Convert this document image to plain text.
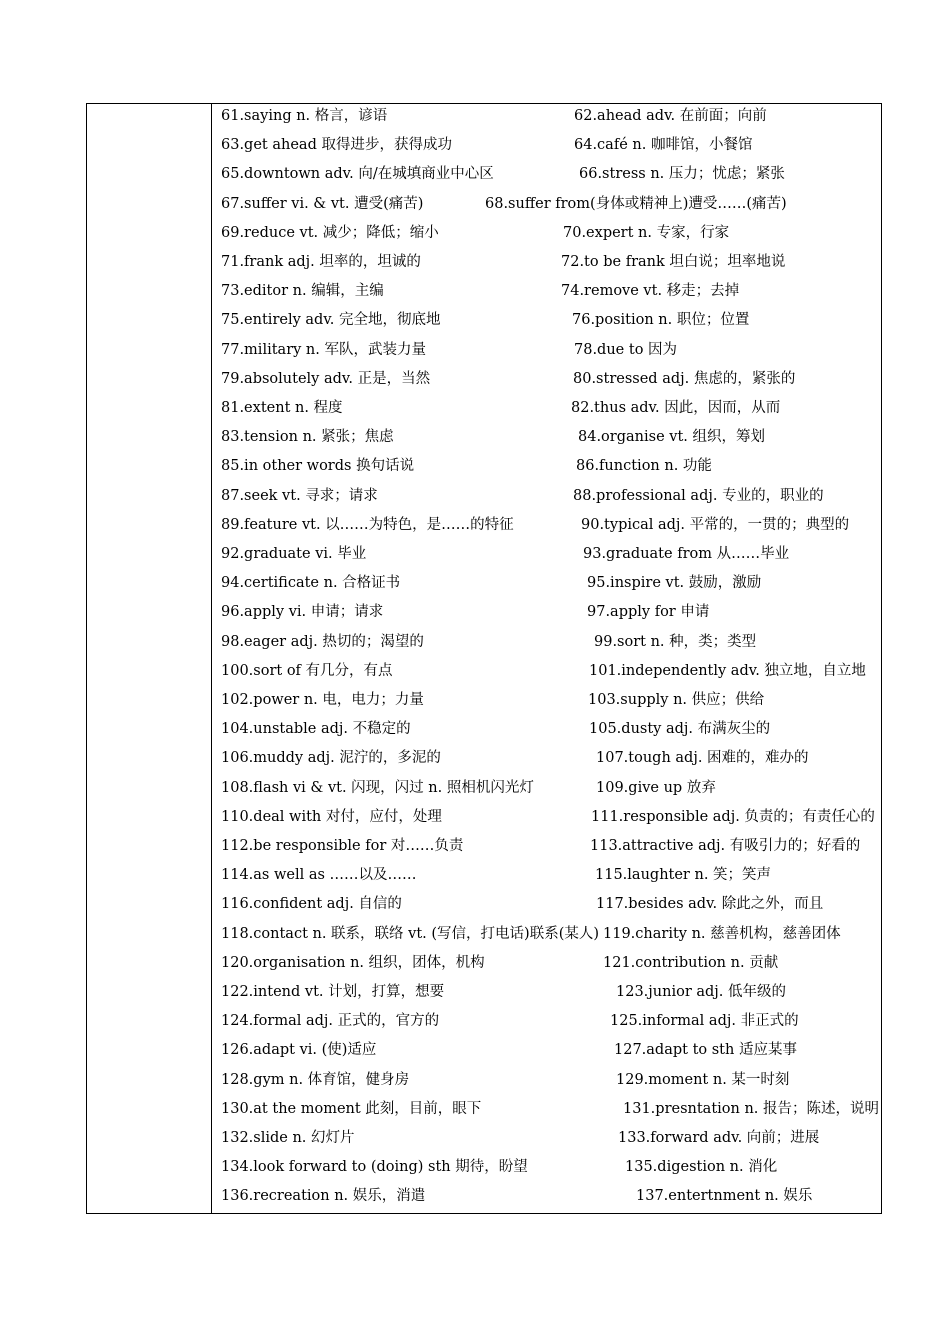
61.saying n. 格言，谚语	62.ahead adv. 在前面；向前
63.get ahead 取得进步，获得成功	64.café n. 咖啡馆，小餐馆
65.downtown adv. 向/在城填商业中心区	66.stress n. 压力；忧虑；紧张
67.suffer vi. & vt. 遭受(痛苦)	68.suffer from(身体或精神上)遭受……(痛苦)
69.reduce vt. 减少；降低；缩小	70.expert n. 专家，行家
71.frank adj. 坦率的，坦诚的	72.to be frank 坦白说；坦率地说
73.editor n. 编辑，主编	74.remove vt. 移走；去掉
75.entirely adv. 完全地，彻底地	76.position n. 职位；位置
77.military n. 军队，武装力量	78.due to 因为
79.absolutely adv. 正是，当然	80.stressed adj. 焦虑的，紧张的
81.extent n. 程度	82.thus adv. 因此，因而，从而
83.tension n. 紧张；焦虑	84.organise vt. 组织，筹划
85.in other words 换句话说	86.function n. 功能
87.seek vt. 寻求；请求	88.professional adj. 专业的，职业的
89.feature vt. 以……为特色，是……的特征	90.typical adj. 平常的，一贯的；典型的
92.graduate vi. 毕业	93.graduate from 从……毕业
94.certificate n. 合格证书	95.inspire vt. 鼓励，激励
96.apply vi. 申请；请求	97.apply for 申请
98.eager adj. 热切的；渴望的	99.sort n. 种，类；类型
100.sort of 有几分，有点	101.independently adv. 独立地，自立地
102.power n. 电，电力；力量	103.supply n. 供应；供给
104.unstable adj. 不稳定的	105.dusty adj. 布满灰尘的
106.muddy adj. 泥泞的，多泥的	107.tough adj. 困难的，难办的
108.flash vi & vt. 闪现，闪过 n. 照相机闪光灯	109.give up 放弃
110.deal with 对付，应付，处理	111.responsible adj. 负责的；有责任心的
112.be responsible for 对……负责	113.attractive adj. 有吸引力的；好看的
114.as well as ……以及……	115.laughter n. 笑；笑声
116.confident adj. 自信的	117.besides adv. 除此之外，而且
118.contact n. 联系，联络 vt. (写信，打电话)联系(某人) 119.charity n. 慈善机构，慈善团体
120.organisation n. 组织，团体，机构	121.contribution n. 贡献
122.intend vt. 计划，打算，想要	123.junior adj. 低年级的
124.formal adj. 正式的，官方的	125.informal adj. 非正式的
126.adapt vi. (使)适应	127.adapt to sth 适应某事
128.gym n. 体育馆，健身房	129.moment n. 某一时刻
130.at the moment 此刻，目前，眼下	131.presntation n. 报告；陈述，说明
132.slide n. 幻灯片	133.forward adv. 向前；进展
134.look forward to (doing) sth 期待，盼望	135.digestion n. 消化
136.recreation n. 娱乐，消遣	137.entertnment n. 娱乐
